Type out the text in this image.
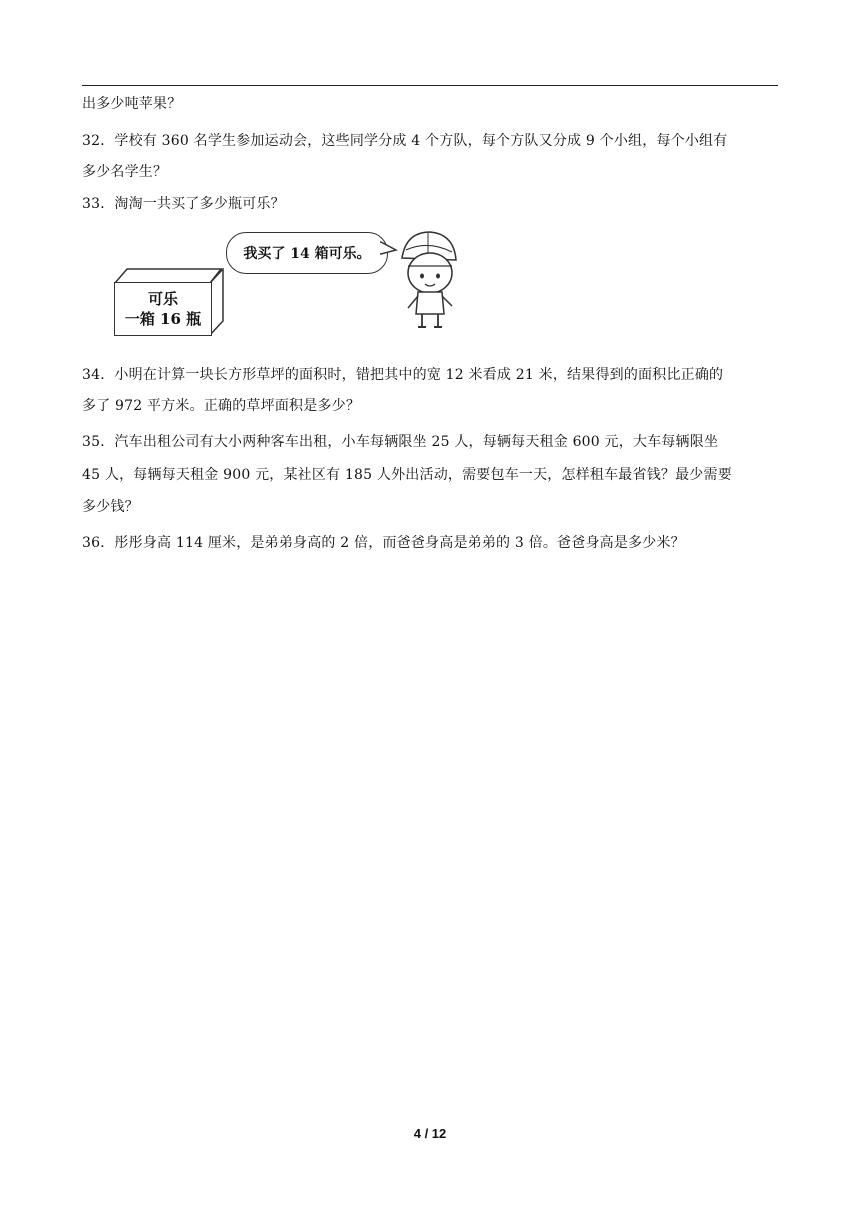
出多少吨苹果？
32．学校有 360 名学生参加运动会，这些同学分成 4 个方队，每个方队又分成 9 个小组，每个小组有
多少名学生？
33．淘淘一共买了多少瓶可乐？
可乐
一箱 16 瓶
我买了 14 箱可乐。
34．小明在计算一块长方形草坪的面积时，错把其中的宽 12 米看成 21 米，结果得到的面积比正确的
多了 972 平方米。正确的草坪面积是多少？
35．汽车出租公司有大小两种客车出租，小车每辆限坐 25 人，每辆每天租金 600 元，大车每辆限坐
45 人，每辆每天租金 900 元，某社区有 185 人外出活动，需要包车一天，怎样租车最省钱？最少需要
多少钱？
36．彤彤身高 114 厘米，是弟弟身高的 2 倍，而爸爸身高是弟弟的 3 倍。爸爸身高是多少米？
4 / 12
